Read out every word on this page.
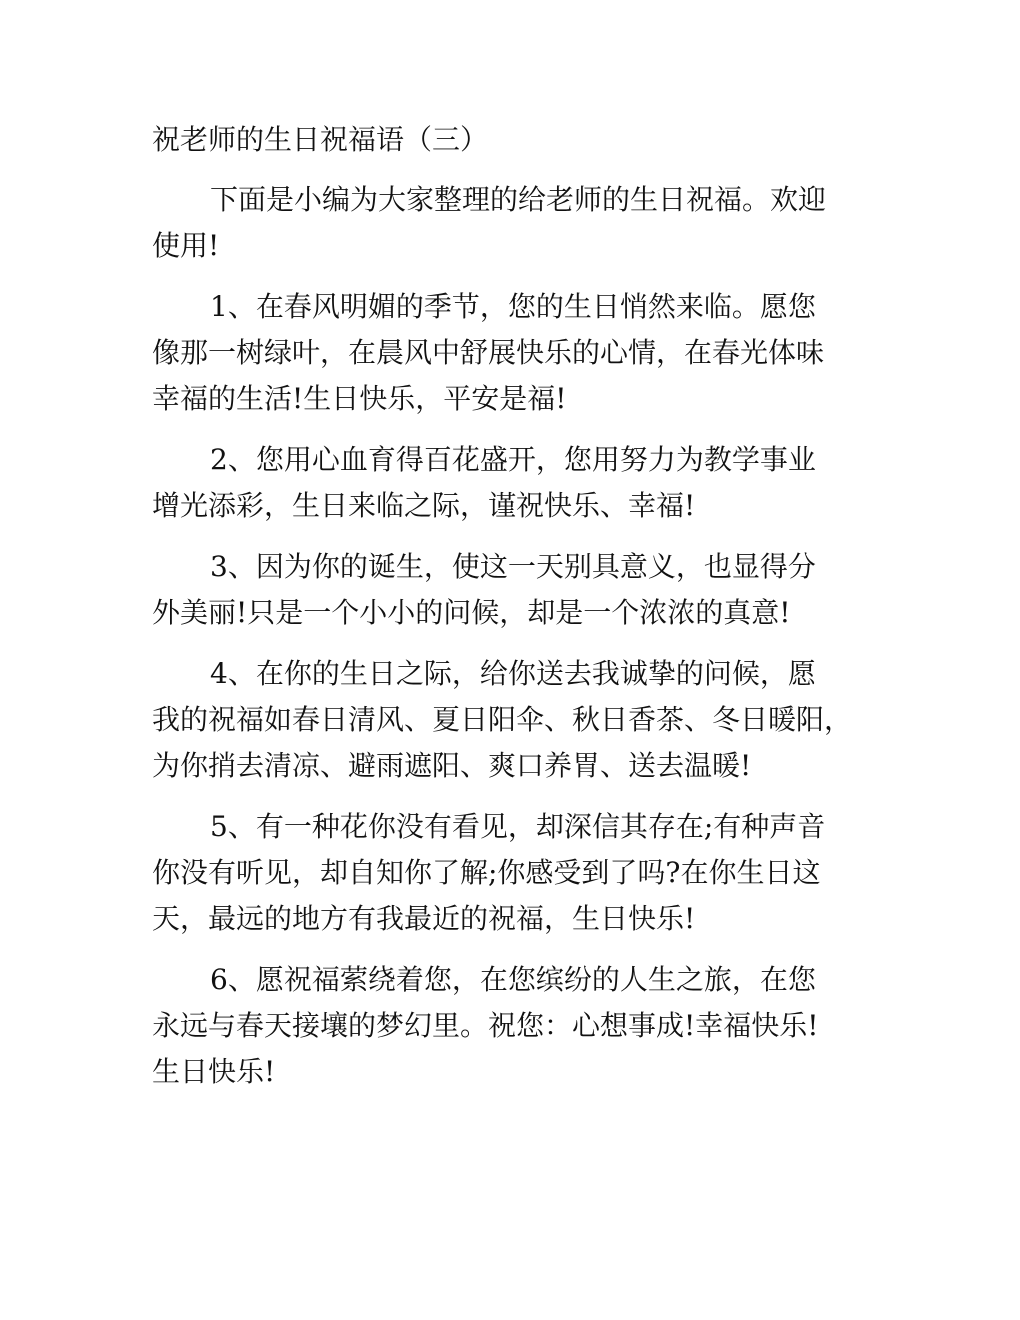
祝老师的生日祝福语（三）
下面是小编为大家整理的给老师的生日祝福。欢迎
使用!
1、在春风明媚的季节，您的生日悄然来临。愿您
像那一树绿叶，在晨风中舒展快乐的心情，在春光体味
幸福的生活!生日快乐，平安是福!
2、您用心血育得百花盛开，您用努力为教学事业
增光添彩，生日来临之际，谨祝快乐、幸福!
3、因为你的诞生，使这一天别具意义，也显得分
外美丽!只是一个小小的问候，却是一个浓浓的真意!
4、在你的生日之际，给你送去我诚挚的问候，愿
我的祝福如春日清风、夏日阳伞、秋日香茶、冬日暖阳，
为你捎去清凉、避雨遮阳、爽口养胃、送去温暖!
5、有一种花你没有看见，却深信其存在;有种声音
你没有听见，却自知你了解;你感受到了吗?在你生日这
天，最远的地方有我最近的祝福，生日快乐!
6、愿祝福萦绕着您，在您缤纷的人生之旅，在您
永远与春天接壤的梦幻里。祝您：心想事成!幸福快乐!
生日快乐!
